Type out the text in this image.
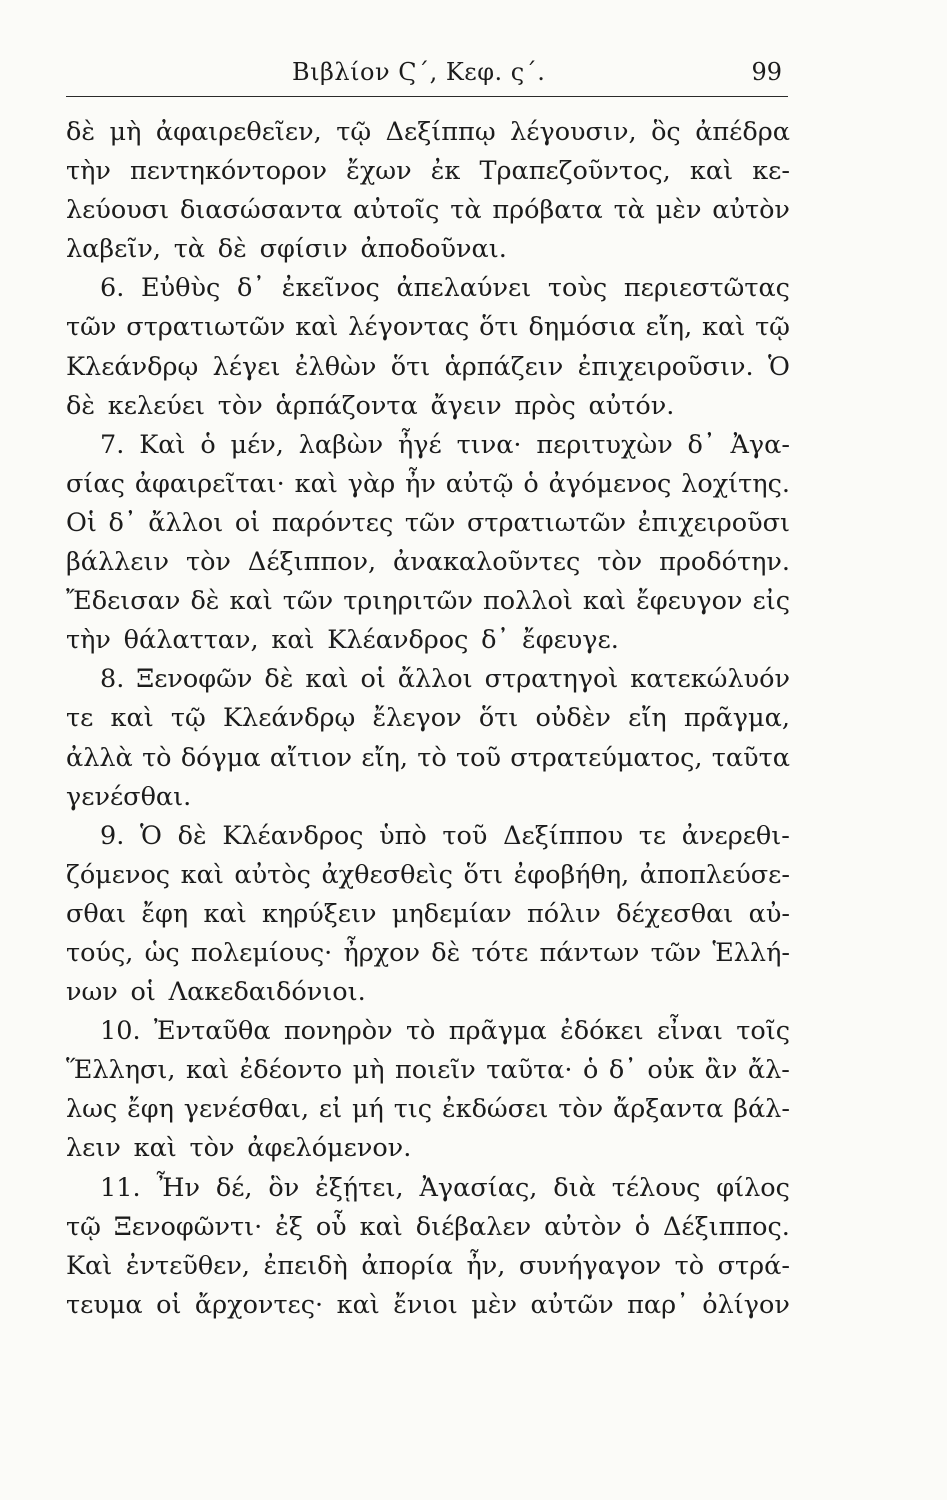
Βιβλίον Ϛ΄, Κεφ. ς΄.	99
δὲ μὴ ἀφαιρεθεῖεν, τῷ Δεξίππῳ λέγουσιν, ὃς ἀπέδρα
τὴν πεντηκόντορον ἔχων ἐκ Τραπεζοῦντος, καὶ κε-
λεύουσι διασώσαντα αὐτοῖς τὰ πρόβατα τὰ μὲν αὐτὸν
λαβεῖν, τὰ δὲ σφίσιν ἀποδοῦναι.
6. Εὐθὺς δ᾽ ἐκεῖνος ἀπελαύνει τοὺς περιεστῶτας
τῶν στρατιωτῶν καὶ λέγοντας ὅτι δημόσια εἴη, καὶ τῷ
Κλεάνδρῳ λέγει ἐλθὼν ὅτι ἁρπάζειν ἐπιχειροῦσιν. Ὁ
δὲ κελεύει τὸν ἁρπάζοντα ἄγειν πρὸς αὐτόν.
7. Καὶ ὁ μέν, λαβὼν ἦγέ τινα· περιτυχὼν δ᾽ Ἀγα-
σίας ἀφαιρεῖται· καὶ γὰρ ἦν αὐτῷ ὁ ἀγόμενος λοχίτης.
Οἱ δ᾽ ἄλλοι οἱ παρόντες τῶν στρατιωτῶν ἐπιχειροῦσι
βάλλειν τὸν Δέξιππον, ἀνακαλοῦντες τὸν προδότην.
Ἔδεισαν δὲ καὶ τῶν τριηριτῶν πολλοὶ καὶ ἔφευγον εἰς
τὴν θάλατταν, καὶ Κλέανδρος δ᾽ ἔφευγε.
8. Ξενοφῶν δὲ καὶ οἱ ἄλλοι στρατηγοὶ κατεκώλυόν
τε καὶ τῷ Κλεάνδρῳ ἔλεγον ὅτι οὐδὲν εἴη πρᾶγμα,
ἀλλὰ τὸ δόγμα αἴτιον εἴη, τὸ τοῦ στρατεύματος, ταῦτα
γενέσθαι.
9. Ὁ δὲ Κλέανδρος ὑπὸ τοῦ Δεξίππου τε ἀνερεθι-
ζόμενος καὶ αὐτὸς ἀχθεσθεὶς ὅτι ἐφοβήθη, ἀποπλεύσε-
σθαι ἔφη καὶ κηρύξειν μηδεμίαν πόλιν δέχεσθαι αὐ-
τούς, ὡς πολεμίους· ἦρχον δὲ τότε πάντων τῶν Ἑλλή-
νων οἱ Λακεδαιδόνιοι.
10. Ἐνταῦθα πονηρὸν τὸ πρᾶγμα ἐδόκει εἶναι τοῖς
Ἕλλησι, καὶ ἐδέοντο μὴ ποιεῖν ταῦτα· ὁ δ᾽ οὐκ ἂν ἄλ-
λως ἔφη γενέσθαι, εἰ μή τις ἐκδώσει τὸν ἄρξαντα βάλ-
λειν καὶ τὸν ἀφελόμενον.
11. Ἦν δέ, ὃν ἐξῄτει, Ἀγασίας, διὰ τέλους φίλος
τῷ Ξενοφῶντι· ἐξ οὗ καὶ διέβαλεν αὐτὸν ὁ Δέξιππος.
Καὶ ἐντεῦθεν, ἐπειδὴ ἀπορία ἦν, συνήγαγον τὸ στρά-
τευμα οἱ ἄρχοντες· καὶ ἔνιοι μὲν αὐτῶν παρ᾽ ὀλίγον
